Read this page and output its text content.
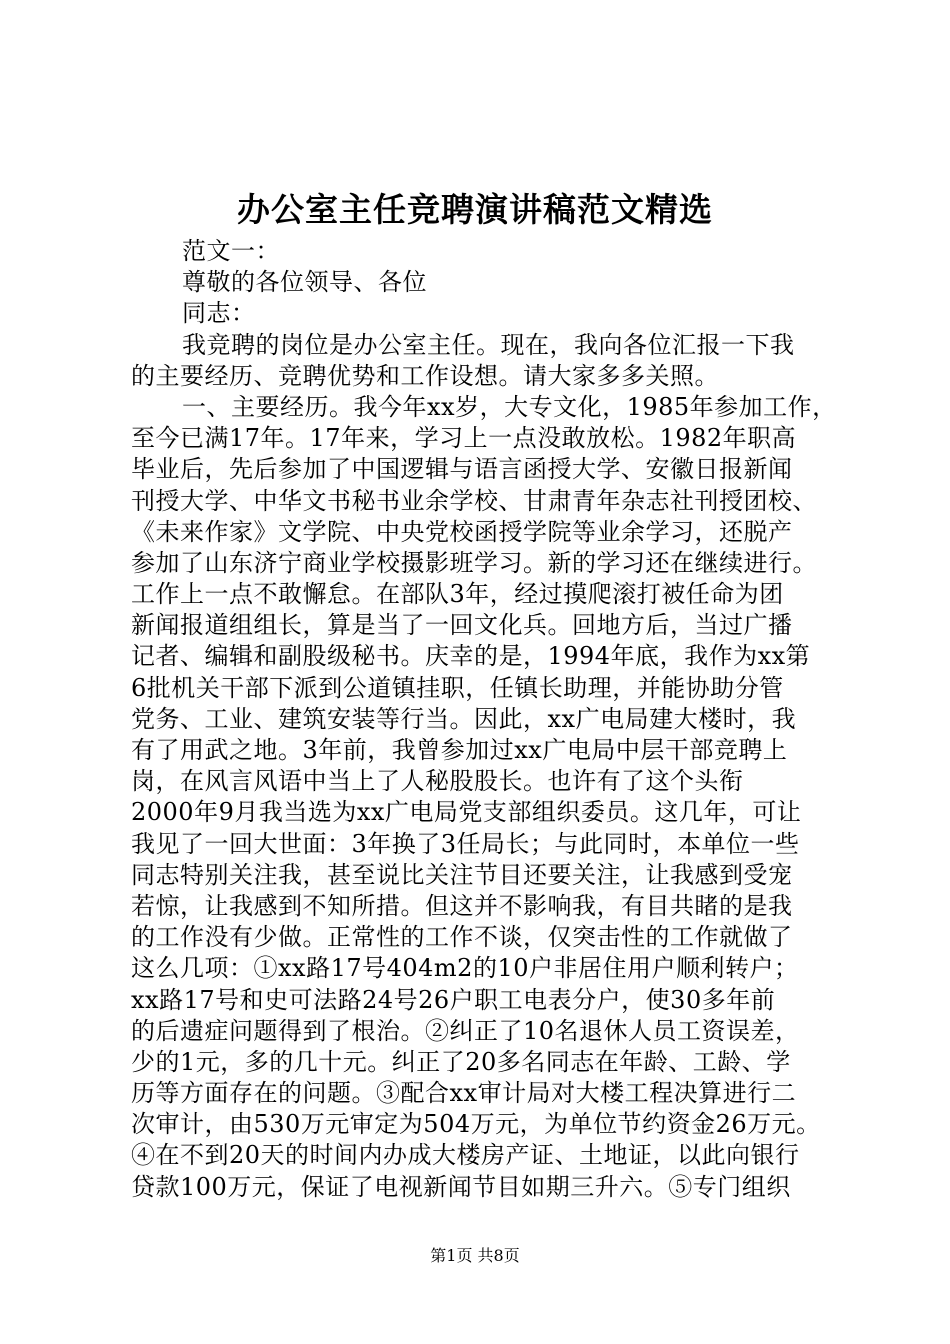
办公室主任竞聘演讲稿范文精选
范文一：
尊敬的各位领导、各位
同志：
我竞聘的岗位是办公室主任。现在，我向各位汇报一下我
的主要经历、竞聘优势和工作设想。请大家多多关照。
一、主要经历。我今年xx岁，大专文化，1985年参加工作，
至今已满17年。17年来，学习上一点没敢放松。1982年职高
毕业后，先后参加了中国逻辑与语言函授大学、安徽日报新闻
刊授大学、中华文书秘书业余学校、甘肃青年杂志社刊授团校、
《未来作家》文学院、中央党校函授学院等业余学习，还脱产
参加了山东济宁商业学校摄影班学习。新的学习还在继续进行。
工作上一点不敢懈怠。在部队3年，经过摸爬滚打被任命为团
新闻报道组组长，算是当了一回文化兵。回地方后，当过广播
记者、编辑和副股级秘书。庆幸的是，1994年底，我作为xx第
6批机关干部下派到公道镇挂职，任镇长助理，并能协助分管
党务、工业、建筑安装等行当。因此，xx广电局建大楼时，我
有了用武之地。3年前，我曾参加过xx广电局中层干部竞聘上
岗，在风言风语中当上了人秘股股长。也许有了这个头衔
2000年9月我当选为xx广电局党支部组织委员。这几年，可让
我见了一回大世面：3年换了3任局长；与此同时，本单位一些
同志特别关注我，甚至说比关注节目还要关注，让我感到受宠
若惊，让我感到不知所措。但这并不影响我，有目共睹的是我
的工作没有少做。正常性的工作不谈，仅突击性的工作就做了
这么几项：①xx路17号404m2的10户非居住用户顺利转户；
xx路17号和史可法路24号26户职工电表分户，使30多年前
的后遗症问题得到了根治。②纠正了10名退休人员工资误差，
少的1元，多的几十元。纠正了20多名同志在年龄、工龄、学
历等方面存在的问题。③配合xx审计局对大楼工程决算进行二
次审计，由530万元审定为504万元，为单位节约资金26万元。
④在不到20天的时间内办成大楼房产证、土地证，以此向银行
贷款100万元，保证了电视新闻节目如期三升六。⑤专门组织
第1页 共8页
